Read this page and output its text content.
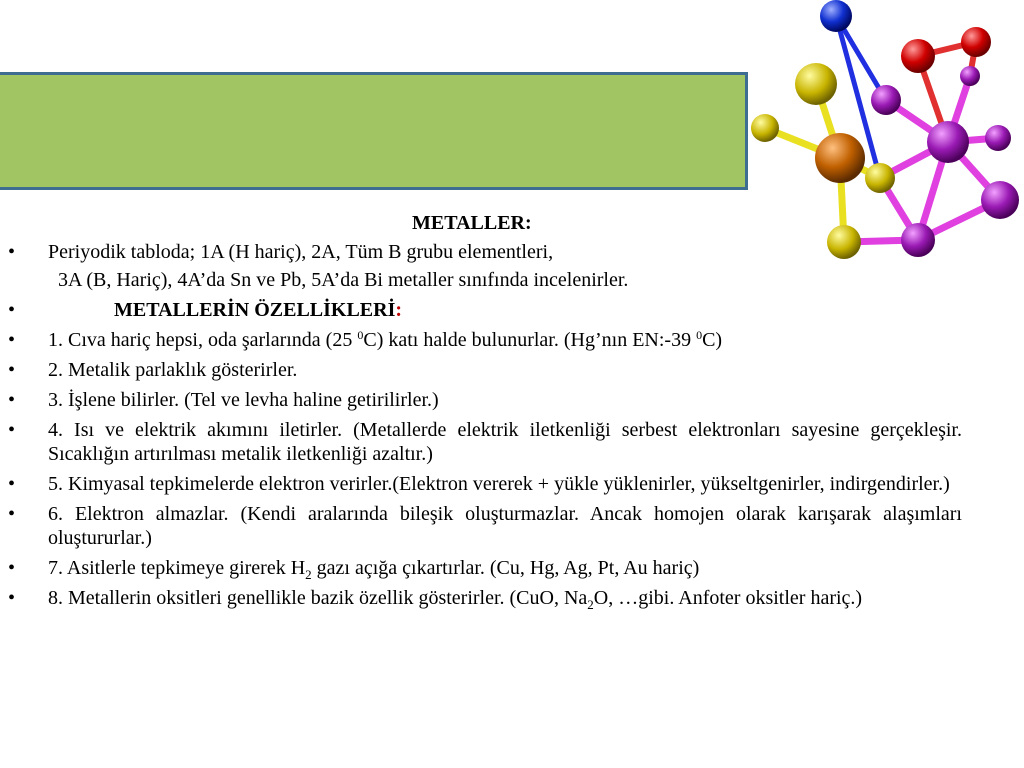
METALLER:
• Periyodik tabloda; 1A (H hariç), 2A, Tüm B grubu elementleri,
3A (B, Hariç), 4A’da Sn ve Pb, 5A’da Bi metaller sınıfında incelenirler.
•	METALLERİN ÖZELLİKLERİ:
• 1. Cıva hariç hepsi, oda şarlarında (25 $^0$C) katı halde bulunurlar. (Hg’nın EN:-39 $^0$C)
• 2. Metalik parlaklık gösterirler.
• 3. İşlene bilirler. (Tel ve levha haline getirilirler.)
• 4. Isı ve elektrik akımını iletirler. (Metallerde elektrik iletkenliği serbest elektronları sayesine gerçekleşir. Sıcaklığın artırılması metalik iletkenliği azaltır.)
• 5. Kimyasal tepkimelerde elektron verirler.(Elektron vererek + yükle yüklenirler, yükseltgenirler, indirgendirler.)
• 6. Elektron almazlar. (Kendi aralarında bileşik oluşturmazlar. Ancak homojen olarak karışarak alaşımları oluştururlar.)
• 7. Asitlerle tepkimeye girerek $H_2$ gazı açığa çıkartırlar. (Cu, Hg, Ag, Pt, Au hariç)
• 8. Metallerin oksitleri genellikle bazik özellik gösterirler. (CuO, $Na_2O$, …gibi. Anfoter oksitler hariç.)
